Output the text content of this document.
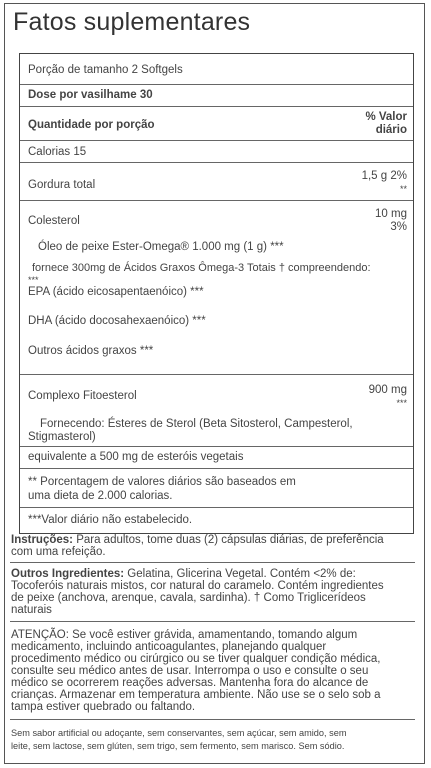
Fatos suplementares
Porção de tamanho 2 Softgels
Dose por vasilhame 30
Quantidade por porção
% Valor
diário
Calorias 15
Gordura total
1,5 g 2%
**
Colesterol
10 mg
3%
Óleo de peixe Ester-Omega® 1.000 mg (1 g) ***
fornece 300mg de Ácidos Graxos Ômega-3 Totais † compreendendo:
***
EPA (ácido eicosapentaenóico) ***
DHA (ácido docosahexaenóico) ***
Outros ácidos graxos ***
Complexo Fitoesterol	900 mg
***
Fornecendo: Ésteres de Sterol (Beta Sitosterol, Campesterol,
Stigmasterol)
equivalente a 500 mg de esteróis vegetais
** Porcentagem de valores diários são baseados em
uma dieta de 2.000 calorias.
***Valor diário não estabelecido.
Instruções: Para adultos, tome duas (2) cápsulas diárias, de preferência
com uma refeição.
Outros Ingredientes: Gelatina, Glicerina Vegetal. Contém <2% de:
Tocoferóis naturais mistos, cor natural do caramelo. Contém ingredientes
de peixe (anchova, arenque, cavala, sardinha). † Como Triglicerídeos
naturais
ATENÇÃO: Se você estiver grávida, amamentando, tomando algum
medicamento, incluindo anticoagulantes, planejando qualquer
procedimento médico ou cirúrgico ou se tiver qualquer condição médica,
consulte seu médico antes de usar. Interrompa o uso e consulte o seu
médico se ocorrerem reações adversas. Mantenha fora do alcance de
crianças. Armazenar em temperatura ambiente. Não use se o selo sob a
tampa estiver quebrado ou faltando.
Sem sabor artificial ou adoçante, sem conservantes, sem açúcar, sem amido, sem
leite, sem lactose, sem glúten, sem trigo, sem fermento, sem marisco. Sem sódio.
